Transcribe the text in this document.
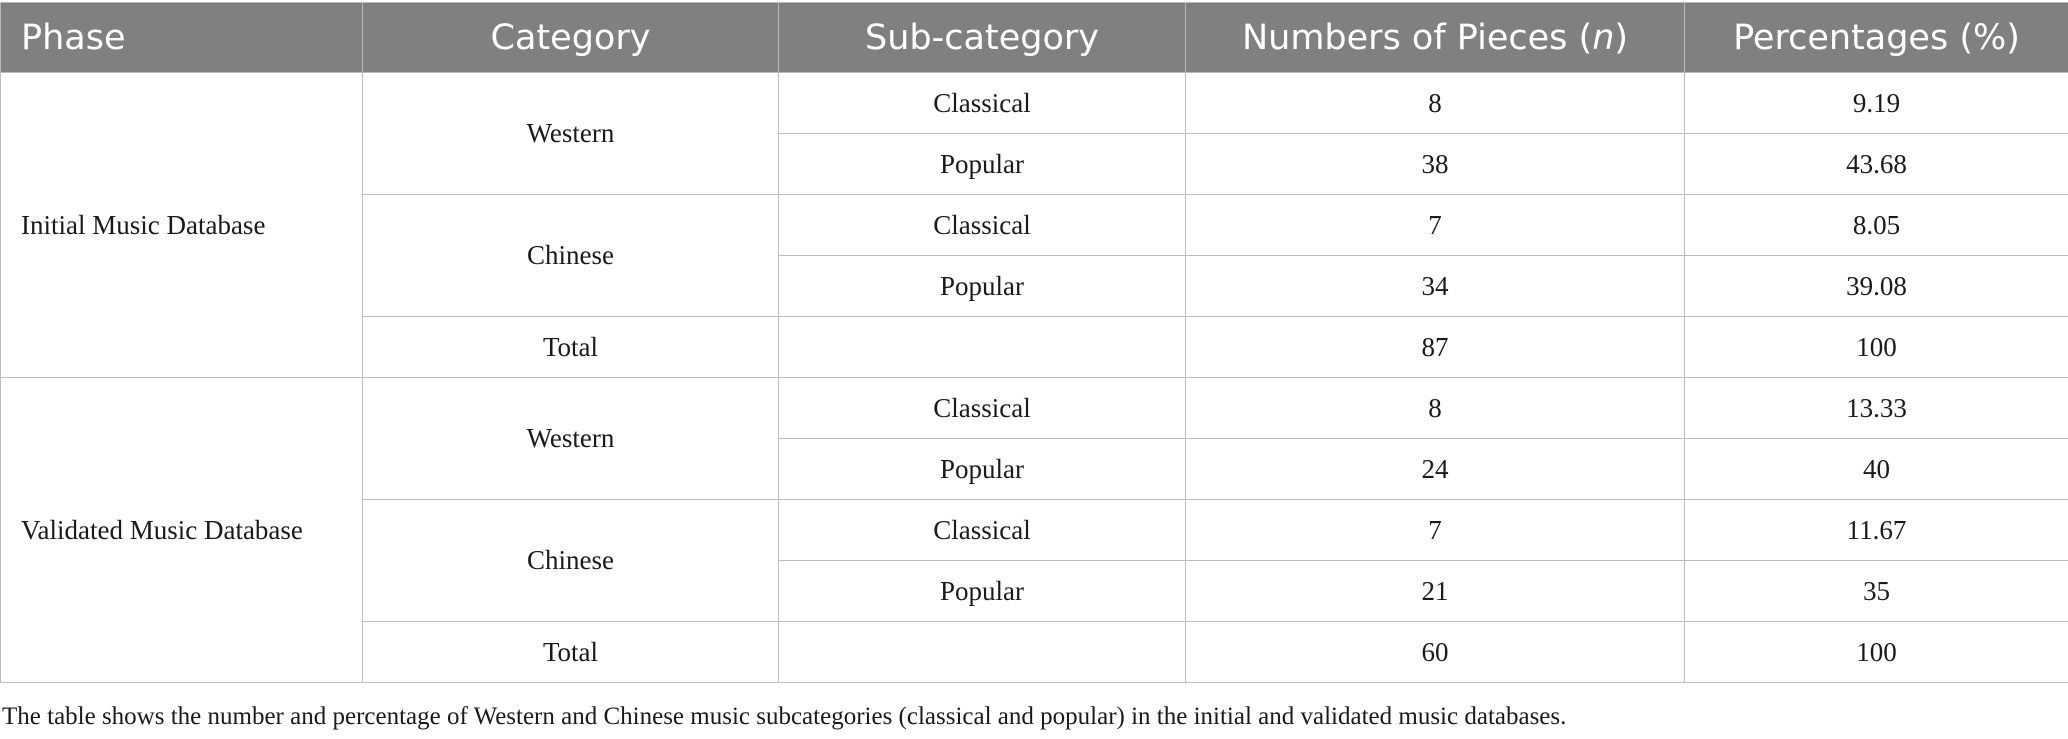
Phase	Category	Sub-category	Numbers of Pieces (n)	Percentages (%)
Initial Music Database	Western	Classical	8	9.19
		Popular	38	43.68
	Chinese	Classical	7	8.05
		Popular	34	39.08
	Total		87	100
Validated Music Database	Western	Classical	8	13.33
		Popular	24	40
	Chinese	Classical	7	11.67
		Popular	21	35
	Total		60	100
The table shows the number and percentage of Western and Chinese music subcategories (classical and popular) in the initial and validated music databases.
